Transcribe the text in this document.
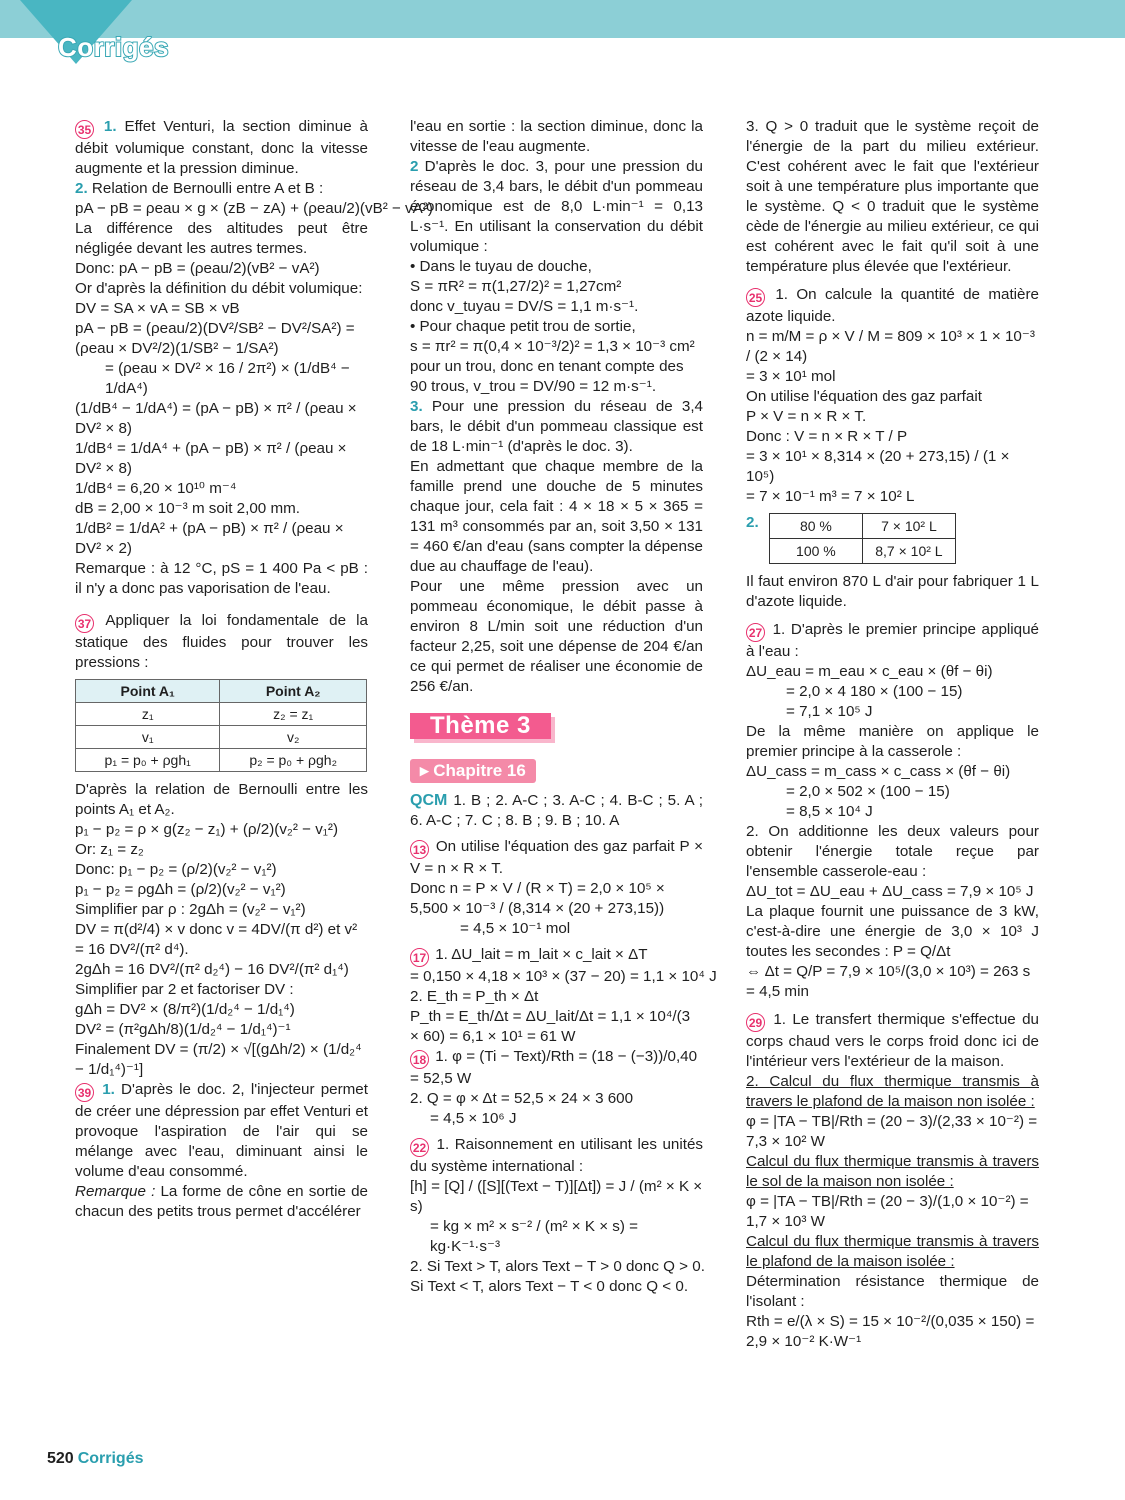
Corrigés

35 1. Effet Venturi, la section diminue à débit volumique constant, donc la vitesse augmente et la pression diminue.

2. Relation de Bernoulli entre A et B :

pA − pB = ρeau × g × (zB − zA) + (ρeau/2)(vB² − vA²)

La différence des altitudes peut être négligée devant les autres termes.

Donc: pA − pB = (ρeau/2)(vB² − vA²)

Or d'après la définition du débit volumique:

DV = SA × vA = SB × vB

pA − pB = (ρeau/2)(DV²/SB² − DV²/SA²) = (ρeau × DV²/2)(1/SB² − 1/SA²)

= (ρeau × DV² × 16 / 2π²) × (1/dB⁴ − 1/dA⁴)

(1/dB⁴ − 1/dA⁴) = (pA − pB) × π² / (ρeau × DV² × 8)

1/dB⁴ = 1/dA⁴ + (pA − pB) × π² / (ρeau × DV² × 8)

1/dB⁴ = 6,20 × 10¹⁰ m⁻⁴

dB = 2,00 × 10⁻³ m soit 2,00 mm.

1/dB² = 1/dA² + (pA − pB) × π² / (ρeau × DV² × 2)

Remarque : à 12 °C, pS = 1 400 Pa < pB : il n'y a donc pas vaporisation de l'eau.

37 Appliquer la loi fondamentale de la statique des fluides pour trouver les pressions :

Point A₁	Point A₂
z₁	z₂ = z₁
v₁	v₂
p₁ = p₀ + ρgh₁	p₂ = p₀ + ρgh₂

D'après la relation de Bernoulli entre les points A₁ et A₂.

p₁ − p₂ = ρ × g(z₂ − z₁) + (ρ/2)(v₂² − v₁²)

Or: z₁ = z₂

Donc: p₁ − p₂ = (ρ/2)(v₂² − v₁²)

p₁ − p₂ = ρgΔh = (ρ/2)(v₂² − v₁²)

Simplifier par ρ : 2gΔh = (v₂² − v₁²)

DV = π(d²/4) × v donc v = 4DV/(π d²) et v² = 16 DV²/(π² d⁴).

2gΔh = 16 DV²/(π² d₂⁴) − 16 DV²/(π² d₁⁴)

Simplifier par 2 et factoriser DV :

gΔh = DV² × (8/π²)(1/d₂⁴ − 1/d₁⁴)

DV² = (π²gΔh/8)(1/d₂⁴ − 1/d₁⁴)⁻¹

Finalement DV = (π/2) × √[(gΔh/2) × (1/d₂⁴ − 1/d₁⁴)⁻¹]

39 1. D'après le doc. 2, l'injecteur permet de créer une dépression par effet Venturi et provoque l'aspiration de l'air qui se mélange avec l'eau, diminuant ainsi le volume d'eau consommé.

Remarque : La forme de cône en sortie de chacun des petits trous permet d'accélérer

l'eau en sortie : la section diminue, donc la vitesse de l'eau augmente.

2 D'après le doc. 3, pour une pression du réseau de 3,4 bars, le débit d'un pommeau économique est de 8,0 L·min⁻¹ = 0,13 L·s⁻¹. En utilisant la conservation du débit volumique :

• Dans le tuyau de douche,

S = πR² = π(1,27/2)² = 1,27cm²

donc v_tuyau = DV/S = 1,1 m·s⁻¹.

• Pour chaque petit trou de sortie,

s = πr² = π(0,4 × 10⁻³/2)² = 1,3 × 10⁻³ cm²

pour un trou, donc en tenant compte des

90 trous, v_trou = DV/90 = 12 m·s⁻¹.

3. Pour une pression du réseau de 3,4 bars, le débit d'un pommeau classique est de 18 L·min⁻¹ (d'après le doc. 3).

En admettant que chaque membre de la famille prend une douche de 5 minutes chaque jour, cela fait : 4 × 18 × 5 × 365 = 131 m³ consommés par an, soit 3,50 × 131 = 460 €/an d'eau (sans compter la dépense due au chauffage de l'eau).

Pour une même pression avec un pommeau économique, le débit passe à environ 8 L/min soit une réduction d'un facteur 2,25, soit une dépense de 204 €/an ce qui permet de réaliser une économie de 256 €/an.

Thème 3
▸ Chapitre 16

QCM 1. B ; 2. A-C ; 3. A-C ; 4. B-C ; 5. A ; 6. A-C ; 7. C ; 8. B ; 9. B ; 10. A

13 On utilise l'équation des gaz parfait P × V = n × R × T.

Donc n = P × V / (R × T) = 2,0 × 10⁵ × 5,500 × 10⁻³ / (8,314 × (20 + 273,15))

= 4,5 × 10⁻¹ mol

17 1. ΔU_lait = m_lait × c_lait × ΔT

= 0,150 × 4,18 × 10³ × (37 − 20) = 1,1 × 10⁴ J

2. E_th = P_th × Δt

P_th = E_th/Δt = ΔU_lait/Δt = 1,1 × 10⁴/(3 × 60) = 6,1 × 10¹ = 61 W

18 1. φ = (Ti − Text)/Rth = (18 − (−3))/0,40 = 52,5 W

2. Q = φ × Δt = 52,5 × 24 × 3 600

= 4,5 × 10⁶ J

22 1. Raisonnement en utilisant les unités du système international :

[h] = [Q] / ([S][(Text − T)][Δt]) = J / (m² × K × s)

= kg × m² × s⁻² / (m² × K × s) = kg·K⁻¹·s⁻³

2. Si Text > T, alors Text − T > 0 donc Q > 0.

Si Text < T, alors Text − T < 0 donc Q < 0.

3. Q > 0 traduit que le système reçoit de l'énergie de la part du milieu extérieur. C'est cohérent avec le fait que l'extérieur soit à une température plus importante que le système. Q < 0 traduit que le système cède de l'énergie au milieu extérieur, ce qui est cohérent avec le fait qu'il soit à une température plus élevée que l'extérieur.

25 1. On calcule la quantité de matière azote liquide.

n = m/M = ρ × V / M = 809 × 10³ × 1 × 10⁻³ / (2 × 14)

= 3 × 10¹ mol

On utilise l'équation des gaz parfait

P × V = n × R × T.

Donc : V = n × R × T / P

= 3 × 10¹ × 8,314 × (20 + 273,15) / (1 × 10⁵)

= 7 × 10⁻¹ m³ = 7 × 10² L

2.	80 %	7 × 10² L
100 %	8,7 × 10² L

Il faut environ 870 L d'air pour fabriquer 1 L d'azote liquide.

27 1. D'après le premier principe appliqué à l'eau :

ΔU_eau = m_eau × c_eau × (θf − θi)

= 2,0 × 4 180 × (100 − 15)

= 7,1 × 10⁵ J

De la même manière on applique le premier principe à la casserole :

ΔU_cass = m_cass × c_cass × (θf − θi)

= 2,0 × 502 × (100 − 15)

= 8,5 × 10⁴ J

2. On additionne les deux valeurs pour obtenir l'énergie totale reçue par l'ensemble casserole-eau :

ΔU_tot = ΔU_eau + ΔU_cass = 7,9 × 10⁵ J

La plaque fournit une puissance de 3 kW, c'est-à-dire une énergie de 3,0 × 10³ J toutes les secondes : P = Q/Δt

⇔ Δt = Q/P = 7,9 × 10⁵/(3,0 × 10³) = 263 s = 4,5 min

29 1. Le transfert thermique s'effectue du corps chaud vers le corps froid donc ici de l'intérieur vers l'extérieur de la maison.

2. Calcul du flux thermique transmis à travers le plafond de la maison non isolée :

φ = |TA − TB|/Rth = (20 − 3)/(2,33 × 10⁻²) = 7,3 × 10² W

Calcul du flux thermique transmis à travers le sol de la maison non isolée :

φ = |TA − TB|/Rth = (20 − 3)/(1,0 × 10⁻²) = 1,7 × 10³ W

Calcul du flux thermique transmis à travers le plafond de la maison isolée :

Détermination résistance thermique de l'isolant :

Rth = e/(λ × S) = 15 × 10⁻²/(0,035 × 150) = 2,9 × 10⁻² K·W⁻¹

520 Corrigés
